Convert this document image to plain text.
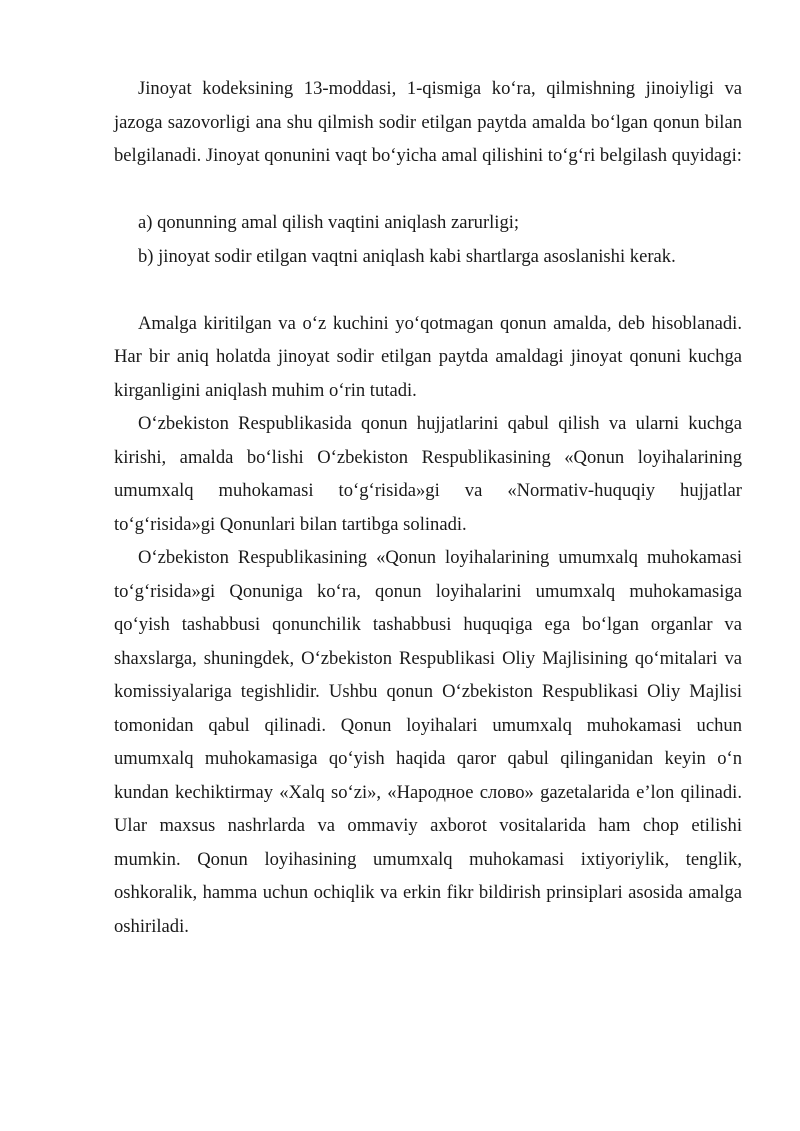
Jinoyat kodeksining 13-moddasi, 1-qismiga ko‘ra, qilmishning jinoiyligi va jazoga sazovorligi ana shu qilmish sodir etilgan paytda amalda bo‘lgan qonun bilan belgilanadi. Jinoyat qonunini vaqt bo‘yicha amal qilishini to‘g‘ri belgilash quyidagi:

a) qonunning amal qilish vaqtini aniqlash zarurligi;

b) jinoyat sodir etilgan vaqtni aniqlash kabi shartlarga asoslanishi kerak.

Amalga kiritilgan va o‘z kuchini yo‘qotmagan qonun amalda, deb hisoblanadi. Har bir aniq holatda jinoyat sodir etilgan paytda amaldagi jinoyat qonuni kuchga kirganligini aniqlash muhim o‘rin tutadi.

O‘zbekiston Respublikasida qonun hujjatlarini qabul qilish va ularni kuchga kirishi, amalda bo‘lishi O‘zbekiston Respublikasining «Qonun loyihalarining umumxalq muhokamasi to‘g‘risida»gi va «Normativ-huquqiy hujjatlar to‘g‘risida»gi Qonunlari bilan tartibga solinadi.

O‘zbekiston Respublikasining «Qonun loyihalarining umumxalq muhokamasi to‘g‘risida»gi Qonuniga ko‘ra, qonun loyihalarini umumxalq muhokamasiga qo‘yish tashabbusi qonunchilik tashabbusi huquqiga ega bo‘lgan organlar va shaxslarga, shuningdek, O‘zbekiston Respublikasi Oliy Majlisining qo‘mitalari va komissiyalariga tegishlidir. Ushbu qonun O‘zbekiston Respublikasi Oliy Majlisi tomonidan qabul qilinadi. Qonun loyihalari umumxalq muhokamasi uchun umumxalq muhokamasiga qo‘yish haqida qaror qabul qilinganidan keyin o‘n kundan kechiktirmay «Xalq so‘zi», «Народное слово» gazetalarida e’lon qilinadi. Ular maxsus nashrlarda va ommaviy axborot vositalarida ham chop etilishi mumkin. Qonun loyihasining umumxalq muhokamasi ixtiyoriylik, tenglik, oshkoralik, hamma uchun ochiqlik va erkin fikr bildirish prinsiplari asosida amalga oshiriladi.
